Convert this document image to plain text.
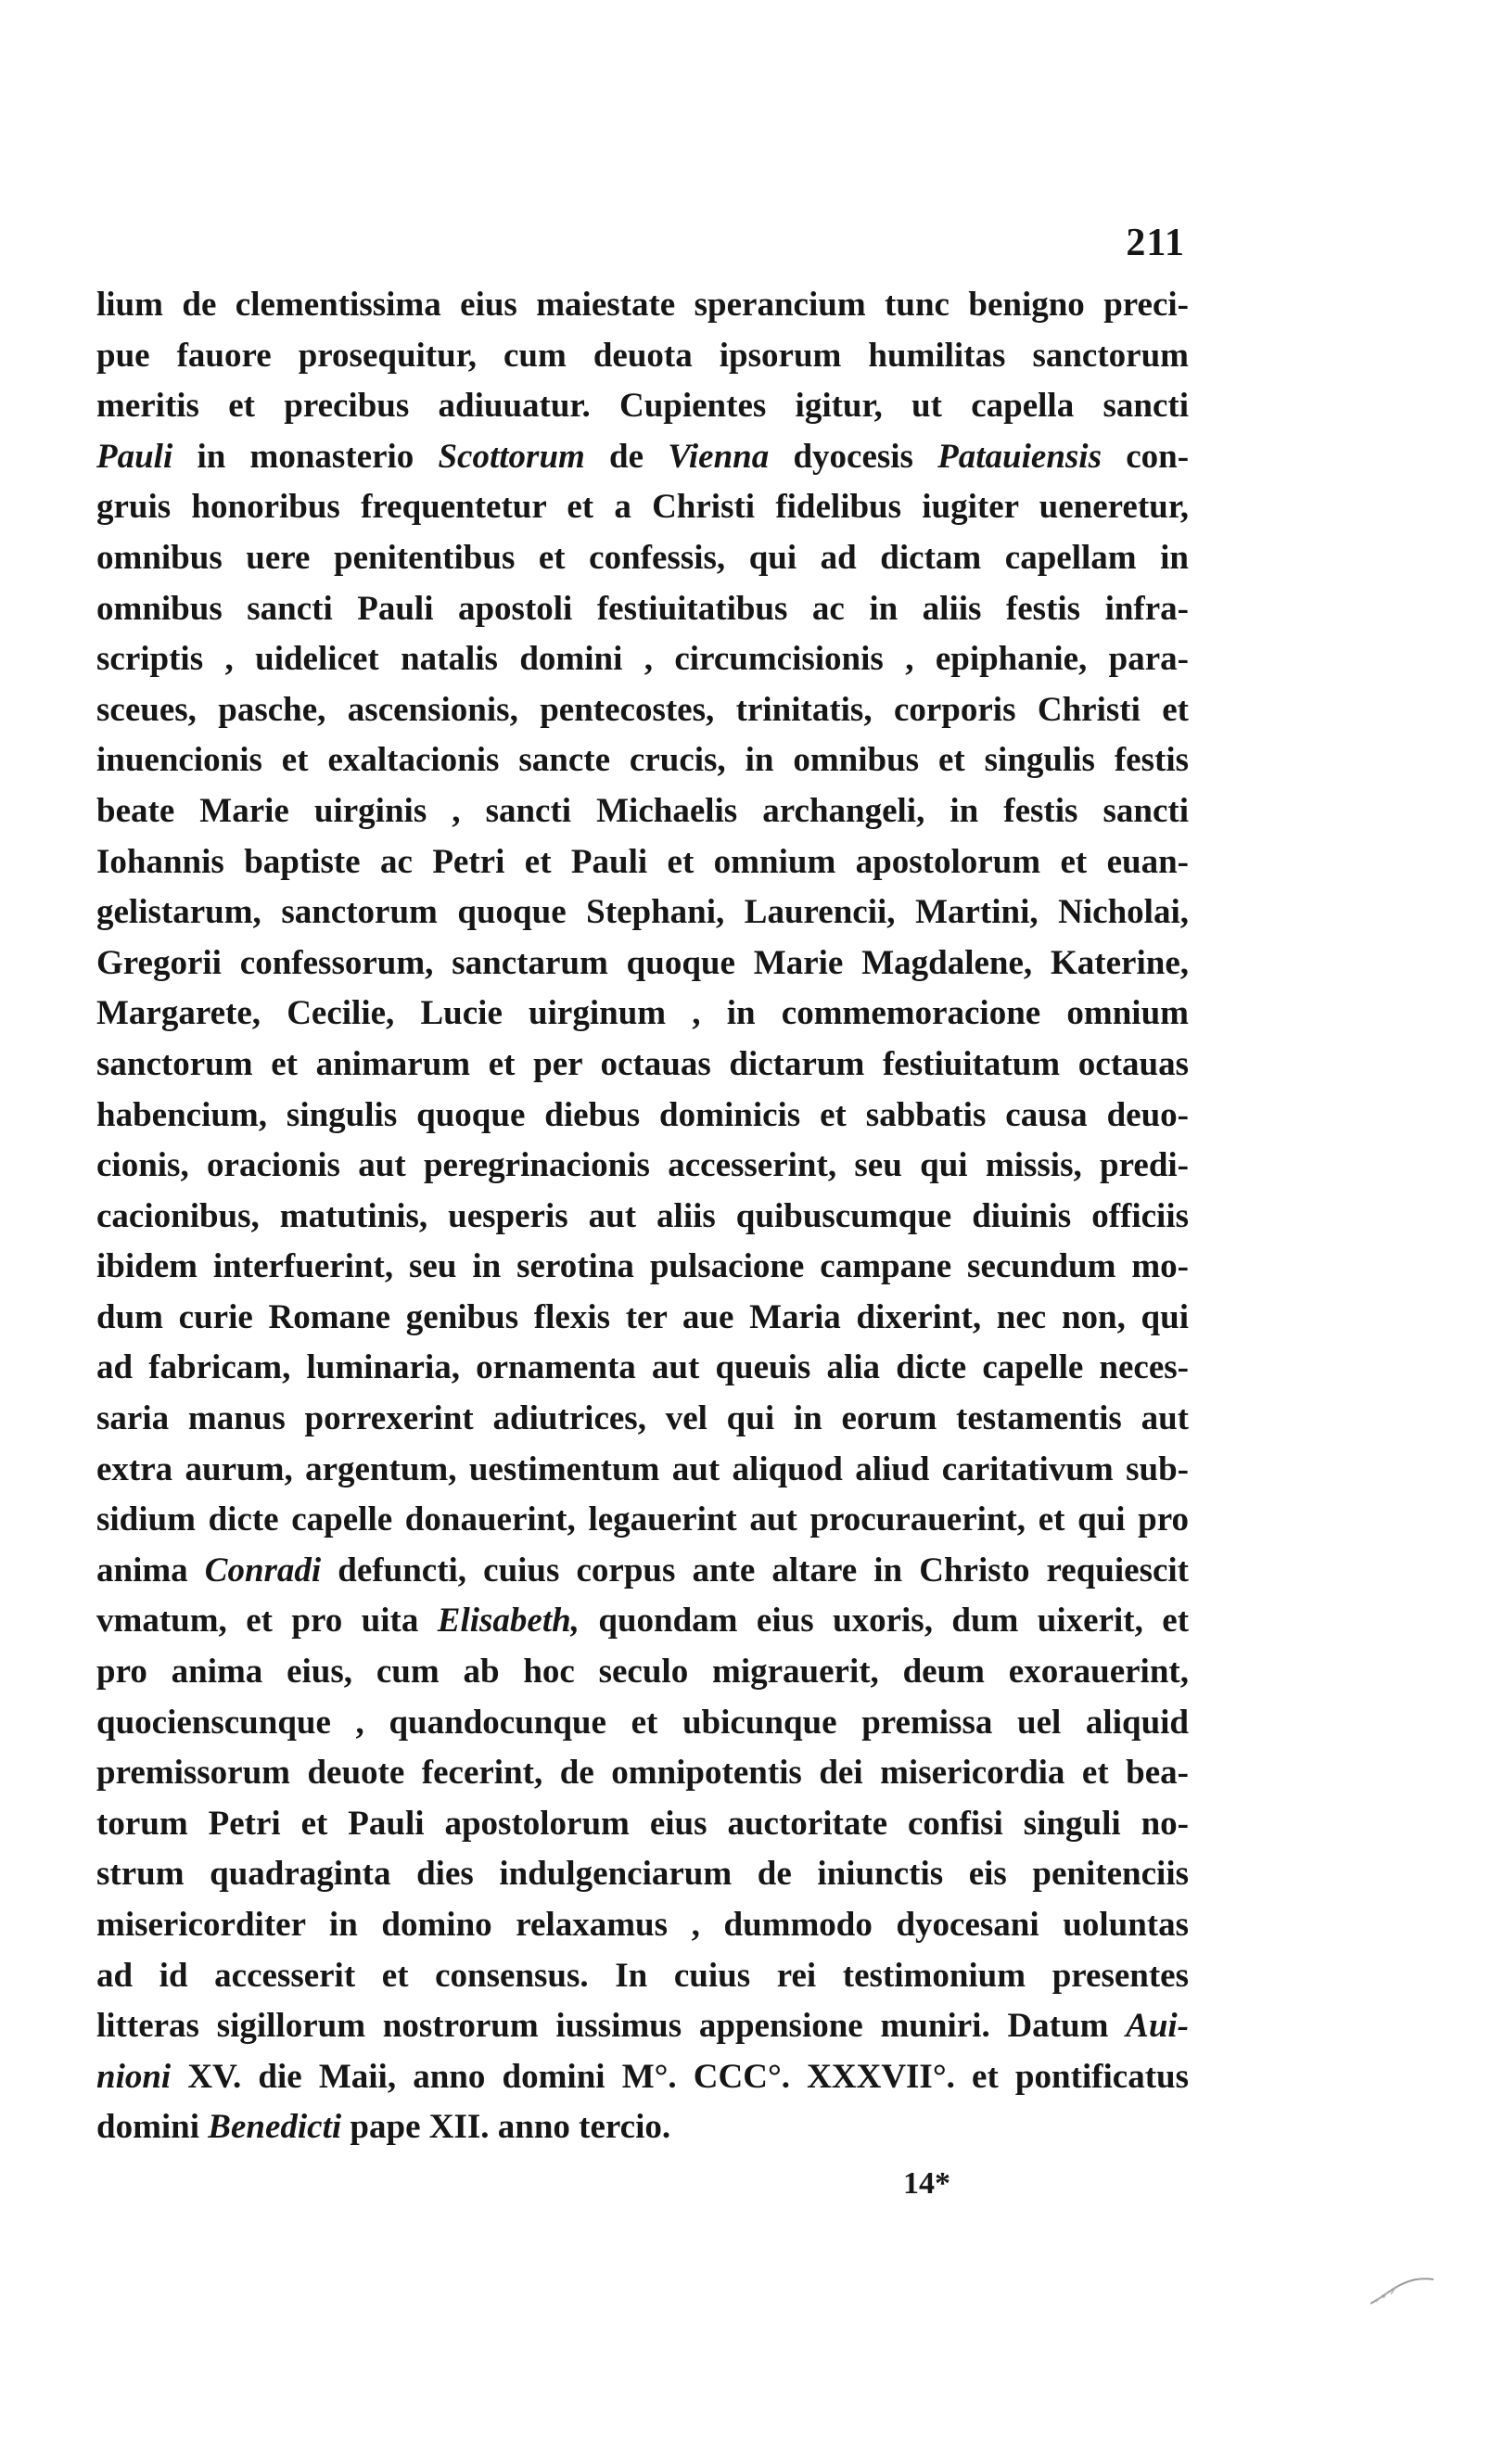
211
lium de clementissima eius maiestate sperancium tunc benigno preci-
pue fauore prosequitur, cum deuota ipsorum humilitas sanctorum
meritis et precibus adiuuatur. Cupientes igitur, ut capella sancti
Pauli in monasterio Scottorum de Vienna dyocesis Patauiensis con-
gruis honoribus frequentetur et a Christi fidelibus iugiter ueneretur,
omnibus uere penitentibus et confessis, qui ad dictam capellam in
omnibus sancti Pauli apostoli festiuitatibus ac in aliis festis infra-
scriptis , uidelicet natalis domini , circumcisionis , epiphanie, para-
sceues, pasche, ascensionis, pentecostes, trinitatis, corporis Christi et
inuencionis et exaltacionis sancte crucis, in omnibus et singulis festis
beate Marie uirginis , sancti Michaelis archangeli, in festis sancti
Iohannis baptiste ac Petri et Pauli et omnium apostolorum et euan-
gelistarum, sanctorum quoque Stephani, Laurencii, Martini, Nicholai,
Gregorii confessorum, sanctarum quoque Marie Magdalene, Katerine,
Margarete, Cecilie, Lucie uirginum , in commemoracione omnium
sanctorum et animarum et per octauas dictarum festiuitatum octauas
habencium, singulis quoque diebus dominicis et sabbatis causa deuo-
cionis, oracionis aut peregrinacionis accesserint, seu qui missis, predi-
cacionibus, matutinis, uesperis aut aliis quibuscumque diuinis officiis
ibidem interfuerint, seu in serotina pulsacione campane secundum mo-
dum curie Romane genibus flexis ter aue Maria dixerint, nec non, qui
ad fabricam, luminaria, ornamenta aut queuis alia dicte capelle neces-
saria manus porrexerint adiutrices, vel qui in eorum testamentis aut
extra aurum, argentum, uestimentum aut aliquod aliud caritativum sub-
sidium dicte capelle donauerint, legauerint aut procurauerint, et qui pro
anima Conradi defuncti, cuius corpus ante altare in Christo requiescit
vmatum, et pro uita Elisabeth, quondam eius uxoris, dum uixerit, et
pro anima eius, cum ab hoc seculo migrauerit, deum exorauerint,
quocienscunque , quandocunque et ubicunque premissa uel aliquid
premissorum deuote fecerint, de omnipotentis dei misericordia et bea-
torum Petri et Pauli apostolorum eius auctoritate confisi singuli no-
strum quadraginta dies indulgenciarum de iniunctis eis penitenciis
misericorditer in domino relaxamus , dummodo dyocesani uoluntas
ad id accesserit et consensus. In cuius rei testimonium presentes
litteras sigillorum nostrorum iussimus appensione muniri. Datum Aui-
nioni XV. die Maii, anno domini M°. CCC°. XXXVII°. et pontificatus
domini Benedicti pape XII. anno tercio.
14*
